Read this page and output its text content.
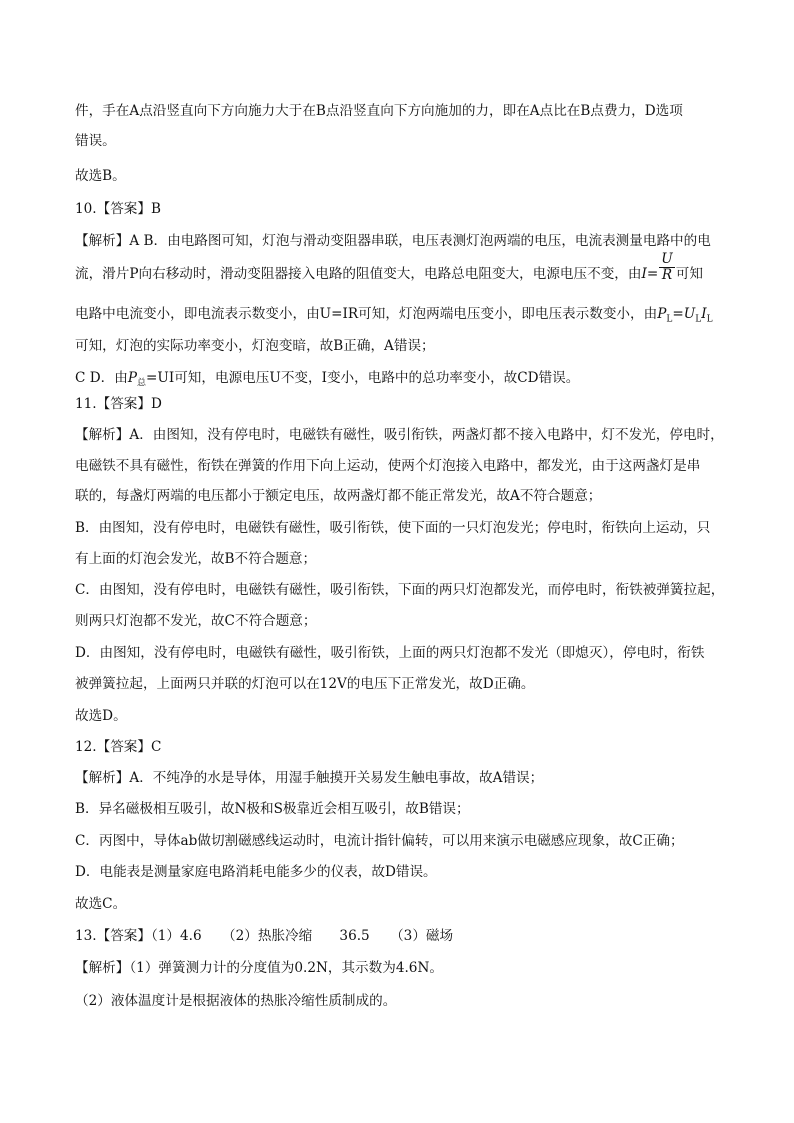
件，手在A点沿竖直向下方向施力大于在B点沿竖直向下方向施加的力，即在A点比在B点费力，D选项
错误。
故选B。
10.【答案】B
【解析】A B．由电路图可知，灯泡与滑动变阻器串联，电压表测灯泡两端的电压，电流表测量电路中的电
流，滑片P向右移动时，滑动变阻器接入电路的阻值变大，电路总电阻变大，电源电压不变，由$I= \frac{U}{R}$ 可知
电路中电流变小，即电流表示数变小，由U=IR可知，灯泡两端电压变小，即电压表示数变小，由$P_L=U_LI_L$
可知，灯泡的实际功率变小，灯泡变暗，故B正确，A错误；
C D．由$P_总=UI$可知，电源电压U不变，I变小，电路中的总功率变小，故CD错误。
11.【答案】D
【解析】A．由图知，没有停电时，电磁铁有磁性，吸引衔铁，两盏灯都不接入电路中，灯不发光，停电时，
电磁铁不具有磁性，衔铁在弹簧的作用下向上运动，使两个灯泡接入电路中，都发光，由于这两盏灯是串
联的，每盏灯两端的电压都小于额定电压，故两盏灯都不能正常发光，故A不符合题意；
B．由图知，没有停电时，电磁铁有磁性，吸引衔铁，使下面的一只灯泡发光；停电时，衔铁向上运动，只
有上面的灯泡会发光，故B不符合题意；
C．由图知，没有停电时，电磁铁有磁性，吸引衔铁，下面的两只灯泡都发光，而停电时，衔铁被弹簧拉起，
则两只灯泡都不发光，故C不符合题意；
D．由图知，没有停电时，电磁铁有磁性，吸引衔铁，上面的两只灯泡都不发光（即熄灭），停电时，衔铁
被弹簧拉起，上面两只并联的灯泡可以在12V的电压下正常发光，故D正确。
故选D。
12.【答案】C
【解析】A．不纯净的水是导体，用湿手触摸开关易发生触电事故，故A错误；
B．异名磁极相互吸引，故N极和S极靠近会相互吸引，故B错误；
C．丙图中，导体ab做切割磁感线运动时，电流计指针偏转，可以用来演示电磁感应现象，故C正确；
D．电能表是测量家庭电路消耗电能多少的仪表，故D错误。
故选C。
13.【答案】（1）4.6　　（2）热胀冷缩　　36.5　　（3）磁场
【解析】（1）弹簧测力计的分度值为0.2N，其示数为4.6N。
（2）液体温度计是根据液体的热胀冷缩性质制成的。
